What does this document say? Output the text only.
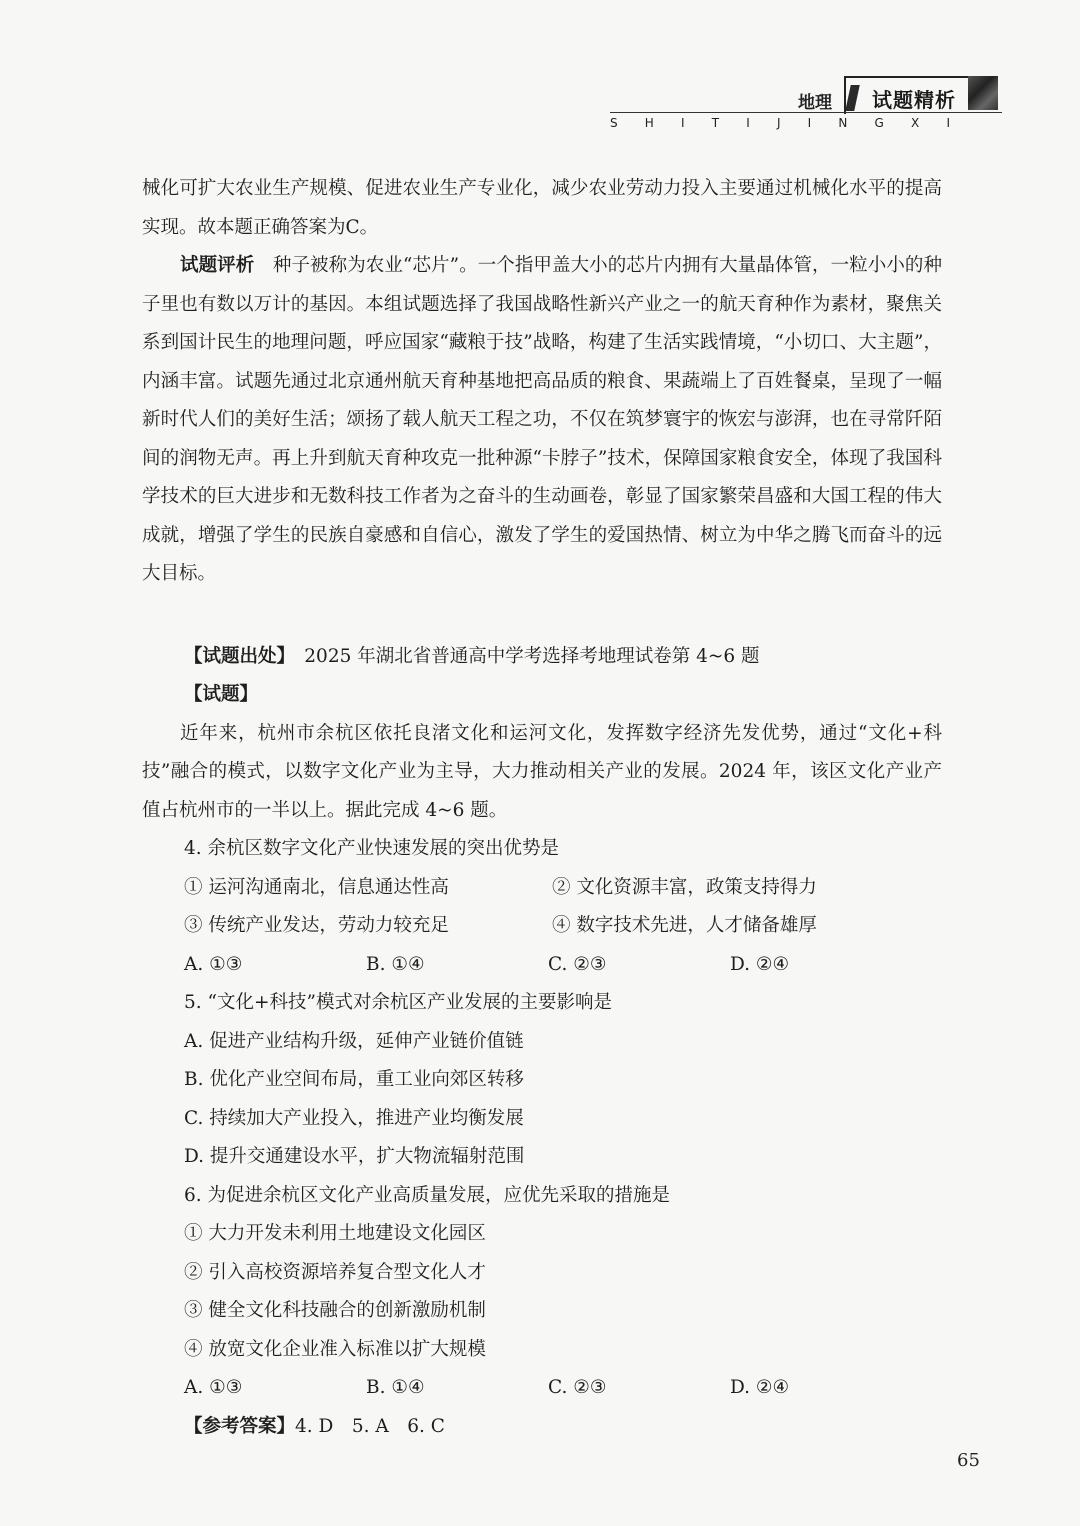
地理 试题精析
S H I T I J I N G X I

械化可扩大农业生产规模、促进农业生产专业化，减少农业劳动力投入主要通过机械化水平的提高实现。故本题正确答案为C。

试题评析　 种子被称为农业“芯片”。一个指甲盖大小的芯片内拥有大量晶体管，一粒小小的种子里也有数以万计的基因。本组试题选择了我国战略性新兴产业之一的航天育种作为素材，聚焦关系到国计民生的地理问题，呼应国家“藏粮于技”战略，构建了生活实践情境，“小切口、大主题”，内涵丰富。试题先通过北京通州航天育种基地把高品质的粮食、果蔬端上了百姓餐桌，呈现了一幅新时代人们的美好生活；颂扬了载人航天工程之功，不仅在筑梦寰宇的恢宏与澎湃，也在寻常阡陌间的润物无声。再上升到航天育种攻克一批种源“卡脖子”技术，保障国家粮食安全，体现了我国科学技术的巨大进步和无数科技工作者为之奋斗的生动画卷，彰显了国家繁荣昌盛和大国工程的伟大成就，增强了学生的民族自豪感和自信心，激发了学生的爱国热情、树立为中华之腾飞而奋斗的远大目标。

【试题出处】　 2025 年湖北省普通高中学考选择考地理试卷第 4~6 题

【试题】

近年来，杭州市余杭区依托良渚文化和运河文化，发挥数字经济先发优势，通过“文化+科技”融合的模式，以数字文化产业为主导，大力推动相关产业的发展。2024 年，该区文化产业产值占杭州市的一半以上。据此完成 4~6 题。

4. 余杭区数字文化产业快速发展的突出优势是
① 运河沟通南北，信息通达性高	② 文化资源丰富，政策支持得力
③ 传统产业发达，劳动力较充足	④ 数字技术先进，人才储备雄厚
A. ①③	B. ①④	C. ②③	D. ②④
5. “文化+科技”模式对余杭区产业发展的主要影响是
A. 促进产业结构升级，延伸产业链价值链
B. 优化产业空间布局，重工业向郊区转移
C. 持续加大产业投入，推进产业均衡发展
D. 提升交通建设水平，扩大物流辐射范围
6. 为促进余杭区文化产业高质量发展，应优先采取的措施是
① 大力开发未利用土地建设文化园区
② 引入高校资源培养复合型文化人才
③ 健全文化科技融合的创新激励机制
④ 放宽文化企业准入标准以扩大规模
A. ①③	B. ①④	C. ②③	D. ②④

【参考答案】4. D　5. A　6. C

65
